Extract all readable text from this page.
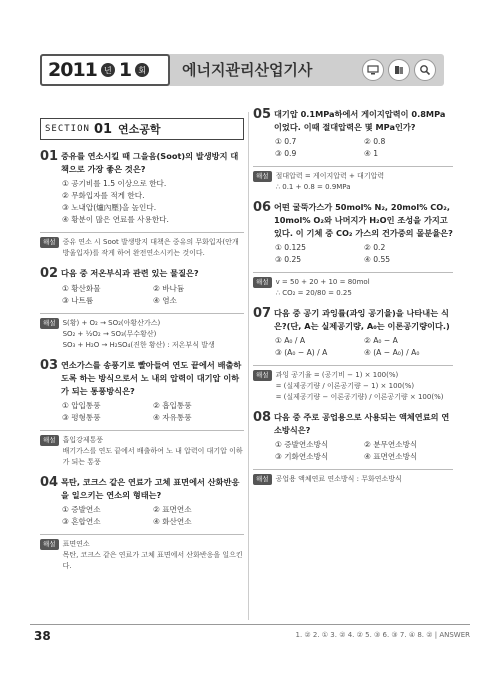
2011 년 1 회 에너지관리산업기사
SECTION 01 연소공학
01 중유를 연소시킬 때 그을음(Soot)의 발생방지 대책으로 가장 좋은 것은?
① 공기비를 1.5 이상으로 한다.
② 무화입자를 적게 한다.
③ 노내압(爐內壓)을 높인다.
④ 황분이 많은 연료를 사용한다.
해설	중유 연소 시 Soot 발생방지 대책은 중유의 무화입자(안개방울입자)를 작게 하여 완전연소시키는 것이다.
02 다음 중 저온부식과 관련 있는 물질은?
① 황산화물	② 바나듐
③ 나트륨	④ 염소
해설	S(황) + O₂ → SO₂(아황산가스)
SO₂ + ½O₂ → SO₃(무수황산)
SO₃ + H₂O → H₂SO₄(진한 황산) : 저온부식 발생
03 연소가스를 송풍기로 빨아들여 연도 끝에서 배출하도록 하는 방식으로서 노 내의 압력이 대기압 이하가 되는 통풍방식은?
① 압입통풍	② 흡입통풍
③ 평형통풍	④ 자유통풍
해설	흡입강제통풍
배기가스를 연도 끝에서 배출하여 노 내 압력이 대기압 이하가 되는 통풍
04 목탄, 코크스 같은 연료가 고체 표면에서 산화반응을 일으키는 연소의 형태는?
① 증발연소	② 표면연소
③ 혼합연소	④ 화산연소
해설	표면연소
목탄, 코크스 같은 연료가 고체 표면에서 산화반응을 일으킨다.
05 대기압 0.1MPa하에서 게이지압력이 0.8MPa이었다. 이때 절대압력은 몇 MPa인가?
① 0.7	② 0.8
③ 0.9	④ 1
해설	절대압력 = 게이지압력 + 대기압력
∴ 0.1 + 0.8 = 0.9MPa
06 어떤 굴뚝가스가 50mol% N₂, 20mol% CO₂, 10mol% O₂와 나머지가 H₂O인 조성을 가지고 있다. 이 기체 중 CO₂ 가스의 건가중의 몰분율은?
① 0.125	② 0.2
③ 0.25	④ 0.55
해설	v = 50 + 20 + 10 = 80mol
∴ CO₂ = 20/80 = 0.25
07 다음 중 공기 과잉률(과잉 공기율)을 나타내는 식은?(단, A는 실제공기량, A₀는 이론공기량이다.)
① A₀ / A	② A₀ − A
③ (A₀ − A) / A	④ (A − A₀) / A₀
해설	과잉 공기율 = (공기비 − 1) × 100(%)
= (실제공기량 / 이론공기량 − 1) × 100(%)
= (실제공기량 − 이론공기량) / 이론공기량 × 100(%)
08 다음 중 주로 공업용으로 사용되는 액체연료의 연소방식은?
① 증발연소방식	② 분무연소방식
③ 기화연소방식	④ 표면연소방식
해설	공업용 액체연료 연소방식 : 무화연소방식
38	1. ② 2. ① 3. ② 4. ② 5. ③ 6. ③ 7. ④ 8. ② | ANSWER
